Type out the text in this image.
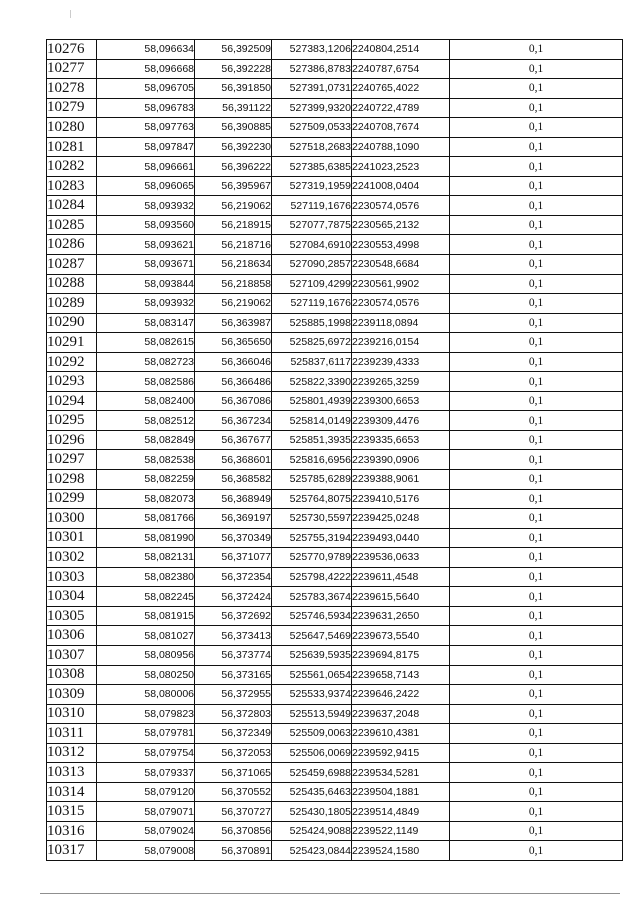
10276	58,096634	56,392509	527383,1206	2240804,2514	0,1
10277	58,096668	56,392228	527386,8783	2240787,6754	0,1
10278	58,096705	56,391850	527391,0731	2240765,4022	0,1
10279	58,096783	56,391122	527399,9320	2240722,4789	0,1
10280	58,097763	56,390885	527509,0533	2240708,7674	0,1
10281	58,097847	56,392230	527518,2683	2240788,1090	0,1
10282	58,096661	56,396222	527385,6385	2241023,2523	0,1
10283	58,096065	56,395967	527319,1959	2241008,0404	0,1
10284	58,093932	56,219062	527119,1676	2230574,0576	0,1
10285	58,093560	56,218915	527077,7875	2230565,2132	0,1
10286	58,093621	56,218716	527084,6910	2230553,4998	0,1
10287	58,093671	56,218634	527090,2857	2230548,6684	0,1
10288	58,093844	56,218858	527109,4299	2230561,9902	0,1
10289	58,093932	56,219062	527119,1676	2230574,0576	0,1
10290	58,083147	56,363987	525885,1998	2239118,0894	0,1
10291	58,082615	56,365650	525825,6972	2239216,0154	0,1
10292	58,082723	56,366046	525837,6117	2239239,4333	0,1
10293	58,082586	56,366486	525822,3390	2239265,3259	0,1
10294	58,082400	56,367086	525801,4939	2239300,6653	0,1
10295	58,082512	56,367234	525814,0149	2239309,4476	0,1
10296	58,082849	56,367677	525851,3935	2239335,6653	0,1
10297	58,082538	56,368601	525816,6956	2239390,0906	0,1
10298	58,082259	56,368582	525785,6289	2239388,9061	0,1
10299	58,082073	56,368949	525764,8075	2239410,5176	0,1
10300	58,081766	56,369197	525730,5597	2239425,0248	0,1
10301	58,081990	56,370349	525755,3194	2239493,0440	0,1
10302	58,082131	56,371077	525770,9789	2239536,0633	0,1
10303	58,082380	56,372354	525798,4222	2239611,4548	0,1
10304	58,082245	56,372424	525783,3674	2239615,5640	0,1
10305	58,081915	56,372692	525746,5934	2239631,2650	0,1
10306	58,081027	56,373413	525647,5469	2239673,5540	0,1
10307	58,080956	56,373774	525639,5935	2239694,8175	0,1
10308	58,080250	56,373165	525561,0654	2239658,7143	0,1
10309	58,080006	56,372955	525533,9374	2239646,2422	0,1
10310	58,079823	56,372803	525513,5949	2239637,2048	0,1
10311	58,079781	56,372349	525509,0063	2239610,4381	0,1
10312	58,079754	56,372053	525506,0069	2239592,9415	0,1
10313	58,079337	56,371065	525459,6988	2239534,5281	0,1
10314	58,079120	56,370552	525435,6463	2239504,1881	0,1
10315	58,079071	56,370727	525430,1805	2239514,4849	0,1
10316	58,079024	56,370856	525424,9088	2239522,1149	0,1
10317	58,079008	56,370891	525423,0844	2239524,1580	0,1
